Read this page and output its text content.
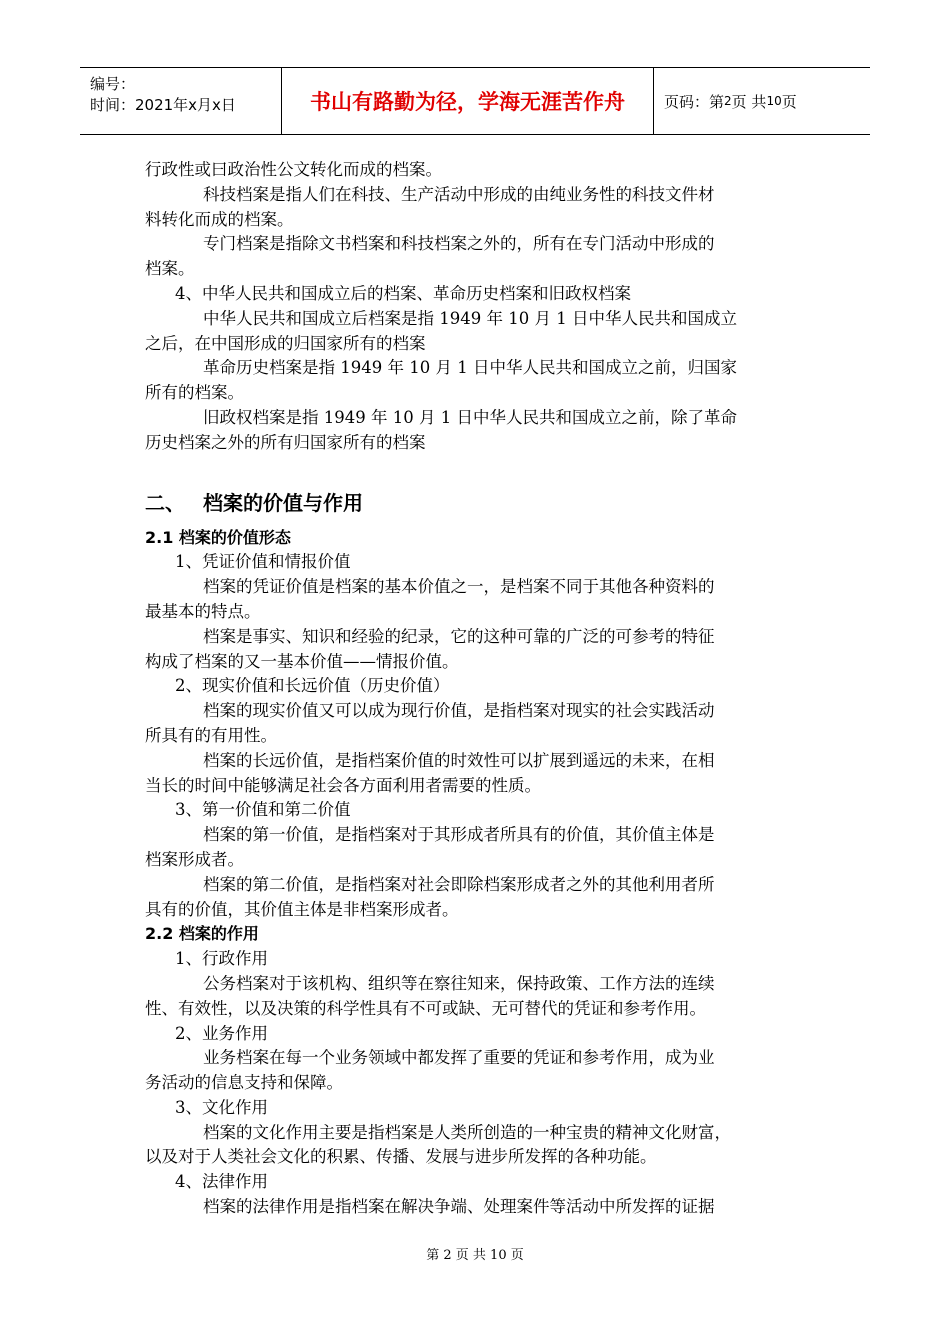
编号：
时间：2021年x月x日	书山有路勤为径，学海无涯苦作舟	页码：第 2 页 共 10 页
行政性或曰政治性公文转化而成的档案。
科技档案是指人们在科技、生产活动中形成的由纯业务性的科技文件材
料转化而成的档案。
专门档案是指除文书档案和科技档案之外的，所有在专门活动中形成的
档案。
4、中华人民共和国成立后的档案、革命历史档案和旧政权档案
中华人民共和国成立后档案是指 1949 年 10 月 1 日中华人民共和国成立
之后，在中国形成的归国家所有的档案
革命历史档案是指 1949 年 10 月 1 日中华人民共和国成立之前，归国家
所有的档案。
旧政权档案是指 1949 年 10 月 1 日中华人民共和国成立之前，除了革命
历史档案之外的所有归国家所有的档案
二、 档案的价值与作用
2.1 档案的价值形态
1、凭证价值和情报价值
档案的凭证价值是档案的基本价值之一，是档案不同于其他各种资料的
最基本的特点。
档案是事实、知识和经验的纪录，它的这种可靠的广泛的可参考的特征
构成了档案的又一基本价值——情报价值。
2、现实价值和长远价值（历史价值）
档案的现实价值又可以成为现行价值，是指档案对现实的社会实践活动
所具有的有用性。
档案的长远价值，是指档案价值的时效性可以扩展到遥远的未来，在相
当长的时间中能够满足社会各方面利用者需要的性质。
3、第一价值和第二价值
档案的第一价值，是指档案对于其形成者所具有的价值，其价值主体是
档案形成者。
档案的第二价值，是指档案对社会即除档案形成者之外的其他利用者所
具有的价值，其价值主体是非档案形成者。
2.2 档案的作用
1、行政作用
公务档案对于该机构、组织等在察往知来，保持政策、工作方法的连续
性、有效性，以及决策的科学性具有不可或缺、无可替代的凭证和参考作用。
2、业务作用
业务档案在每一个业务领域中都发挥了重要的凭证和参考作用，成为业
务活动的信息支持和保障。
3、文化作用
档案的文化作用主要是指档案是人类所创造的一种宝贵的精神文化财富，
以及对于人类社会文化的积累、传播、发展与进步所发挥的各种功能。
4、法律作用
档案的法律作用是指档案在解决争端、处理案件等活动中所发挥的证据
第 2 页 共 10 页
